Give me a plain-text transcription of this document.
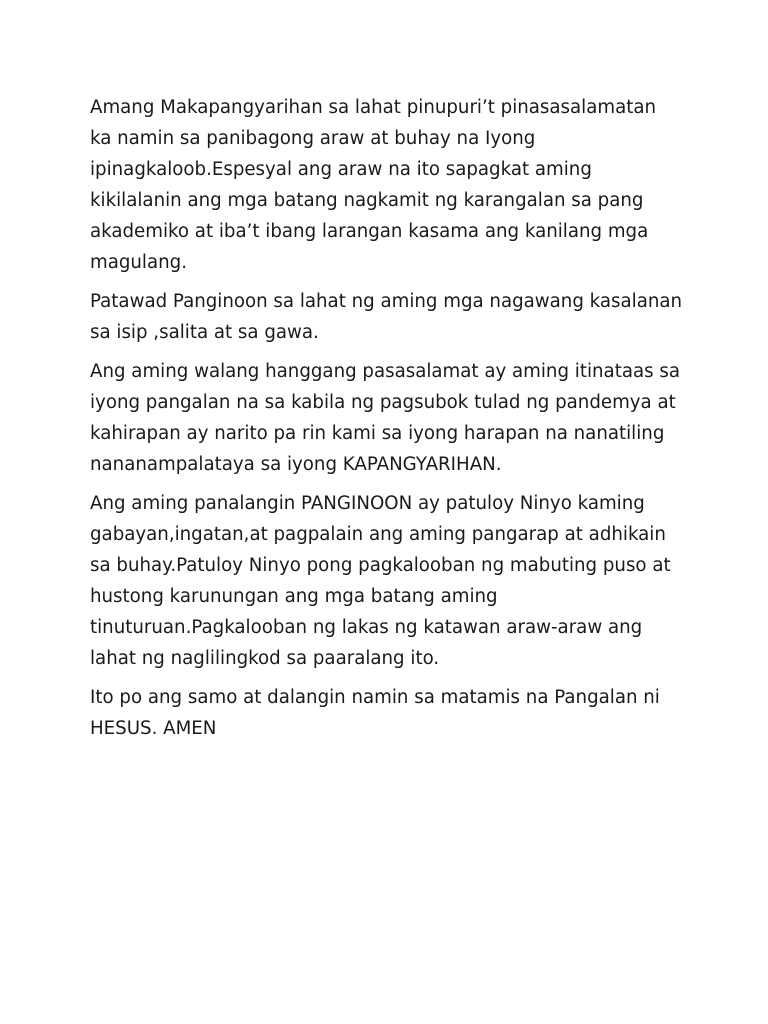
Amang Makapangyarihan sa lahat pinupuri’t pinasasalamatan
ka namin sa panibagong araw at buhay na Iyong
ipinagkaloob.Espesyal ang araw na ito sapagkat aming
kikilalanin ang mga batang nagkamit ng karangalan sa pang
akademiko at iba’t ibang larangan kasama ang kanilang mga
magulang.

Patawad Panginoon sa lahat ng aming mga nagawang kasalanan
sa isip ,salita at sa gawa.

Ang aming walang hanggang pasasalamat ay aming itinataas sa
iyong pangalan na sa kabila ng pagsubok tulad ng pandemya at
kahirapan ay narito pa rin kami sa iyong harapan na nanatiling
nananampalataya sa iyong KAPANGYARIHAN.

Ang aming panalangin PANGINOON ay patuloy Ninyo kaming
gabayan,ingatan,at pagpalain ang aming pangarap at adhikain
sa buhay.Patuloy Ninyo pong pagkalooban ng mabuting puso at
hustong karunungan ang mga batang aming
tinuturuan.Pagkalooban ng lakas ng katawan araw-araw ang
lahat ng naglilingkod sa paaralang ito.

Ito po ang samo at dalangin namin sa matamis na Pangalan ni
HESUS. AMEN
